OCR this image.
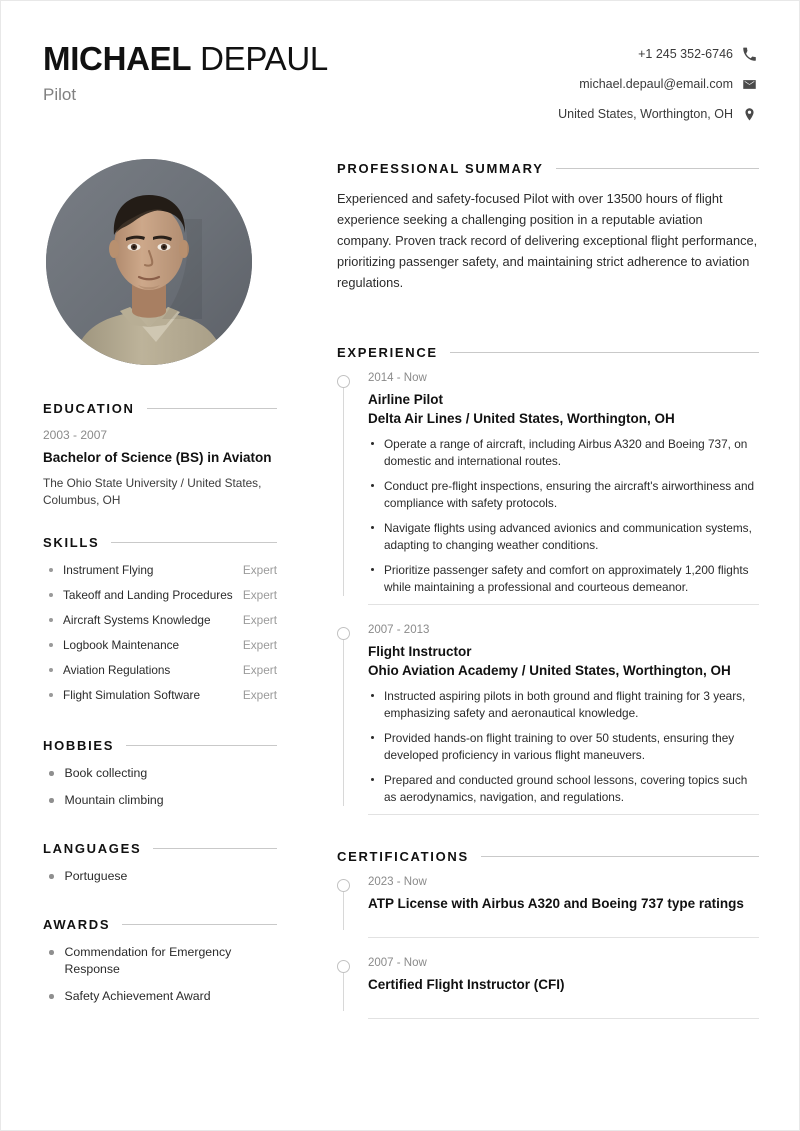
MICHAEL DEPAUL
Pilot
+1 245 352-6746
michael.depaul@email.com
United States, Worthington, OH
EDUCATION
2003 - 2007
Bachelor of Science (BS) in Aviaton
The Ohio State University / United States, Columbus, OH
SKILLS
Instrument Flying	Expert
Takeoff and Landing Procedures Expert
Aircraft Systems Knowledge	Expert
Logbook Maintenance	Expert
Aviation Regulations	Expert
Flight Simulation Software	Expert
HOBBIES
Book collecting
Mountain climbing
LANGUAGES
Portuguese
AWARDS
Commendation for Emergency Response
Safety Achievement Award
PROFESSIONAL SUMMARY
Experienced and safety-focused Pilot with over 13500 hours of flight experience seeking a challenging position in a reputable aviation company. Proven track record of delivering exceptional flight performance, prioritizing passenger safety, and maintaining strict adherence to aviation regulations.
EXPERIENCE
2014 - Now
Airline Pilot
Delta Air Lines / United States, Worthington, OH
Operate a range of aircraft, including Airbus A320 and Boeing 737, on domestic and international routes.
Conduct pre-flight inspections, ensuring the aircraft's airworthiness and compliance with safety protocols.
Navigate flights using advanced avionics and communication systems, adapting to changing weather conditions.
Prioritize passenger safety and comfort on approximately 1,200 flights while maintaining a professional and courteous demeanor.
2007 - 2013
Flight Instructor
Ohio Aviation Academy / United States, Worthington, OH
Instructed aspiring pilots in both ground and flight training for 3 years, emphasizing safety and aeronautical knowledge.
Provided hands-on flight training to over 50 students, ensuring they developed proficiency in various flight maneuvers.
Prepared and conducted ground school lessons, covering topics such as aerodynamics, navigation, and regulations.
CERTIFICATIONS
2023 - Now
ATP License with Airbus A320 and Boeing 737 type ratings
2007 - Now
Certified Flight Instructor (CFI)
